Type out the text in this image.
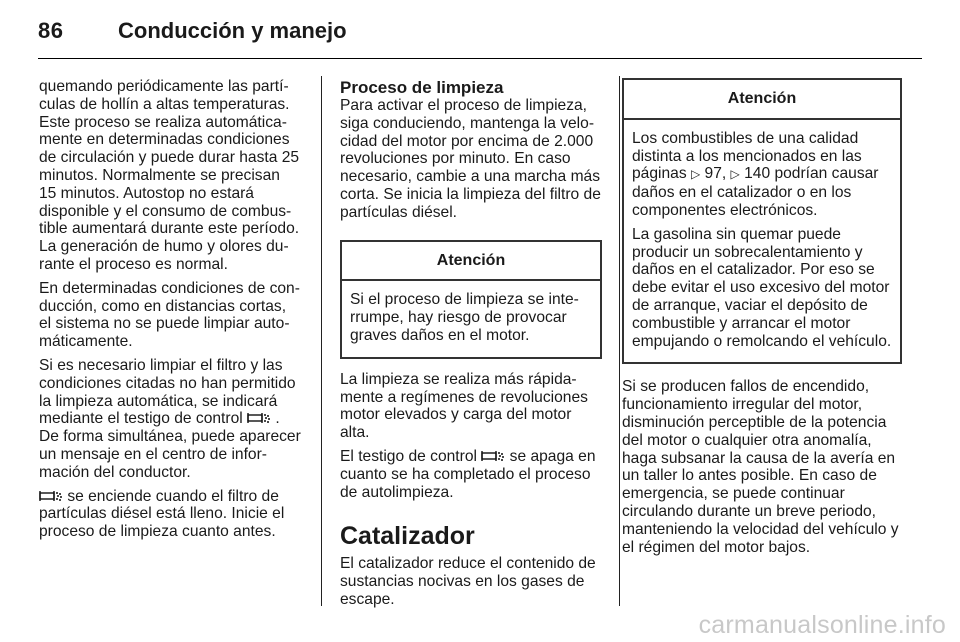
86 Conducción y manejo

quemando periódicamente las partículas de hollín a altas temperaturas. Este proceso se realiza automáticamente en determinadas condiciones de circulación y puede durar hasta 25 minutos. Normalmente se precisan 15 minutos. Autostop no estará disponible y el consumo de combustible aumentará durante este período. La generación de humo y olores durante el proceso es normal.

En determinadas condiciones de conducción, como en distancias cortas, el sistema no se puede limpiar automáticamente.

Si es necesario limpiar el filtro y las condiciones citadas no han permitido la limpieza automática, se indicará mediante el testigo de control . De forma simultánea, puede aparecer un mensaje en el centro de información del conductor.

se enciende cuando el filtro de partículas diésel está lleno. Inicie el proceso de limpieza cuanto antes.

Proceso de limpieza

Para activar el proceso de limpieza, siga conduciendo, mantenga la velocidad del motor por encima de 2.000 revoluciones por minuto. En caso necesario, cambie a una marcha más corta. Se inicia la limpieza del filtro de partículas diésel.

Atención

Si el proceso de limpieza se interrumpe, hay riesgo de provocar graves daños en el motor.

La limpieza se realiza más rápidamente a regímenes de revoluciones motor elevados y carga del motor alta.

El testigo de control  se apaga en cuanto se ha completado el proceso de autolimpieza.

Catalizador

El catalizador reduce el contenido de sustancias nocivas en los gases de escape.

Atención

Los combustibles de una calidad distinta a los mencionados en las páginas ▷ 97, ▷ 140 podrían causar daños en el catalizador o en los componentes electrónicos.

La gasolina sin quemar puede producir un sobrecalentamiento y daños en el catalizador. Por eso se debe evitar el uso excesivo del motor de arranque, vaciar el depósito de combustible y arrancar el motor empujando o remolcando el vehículo.

Si se producen fallos de encendido, funcionamiento irregular del motor, disminución perceptible de la potencia del motor o cualquier otra anomalía, haga subsanar la causa de la avería en un taller lo antes posible. En caso de emergencia, se puede continuar circulando durante un breve periodo, manteniendo la velocidad del vehículo y el régimen del motor bajos.

carmanualsonline.info
